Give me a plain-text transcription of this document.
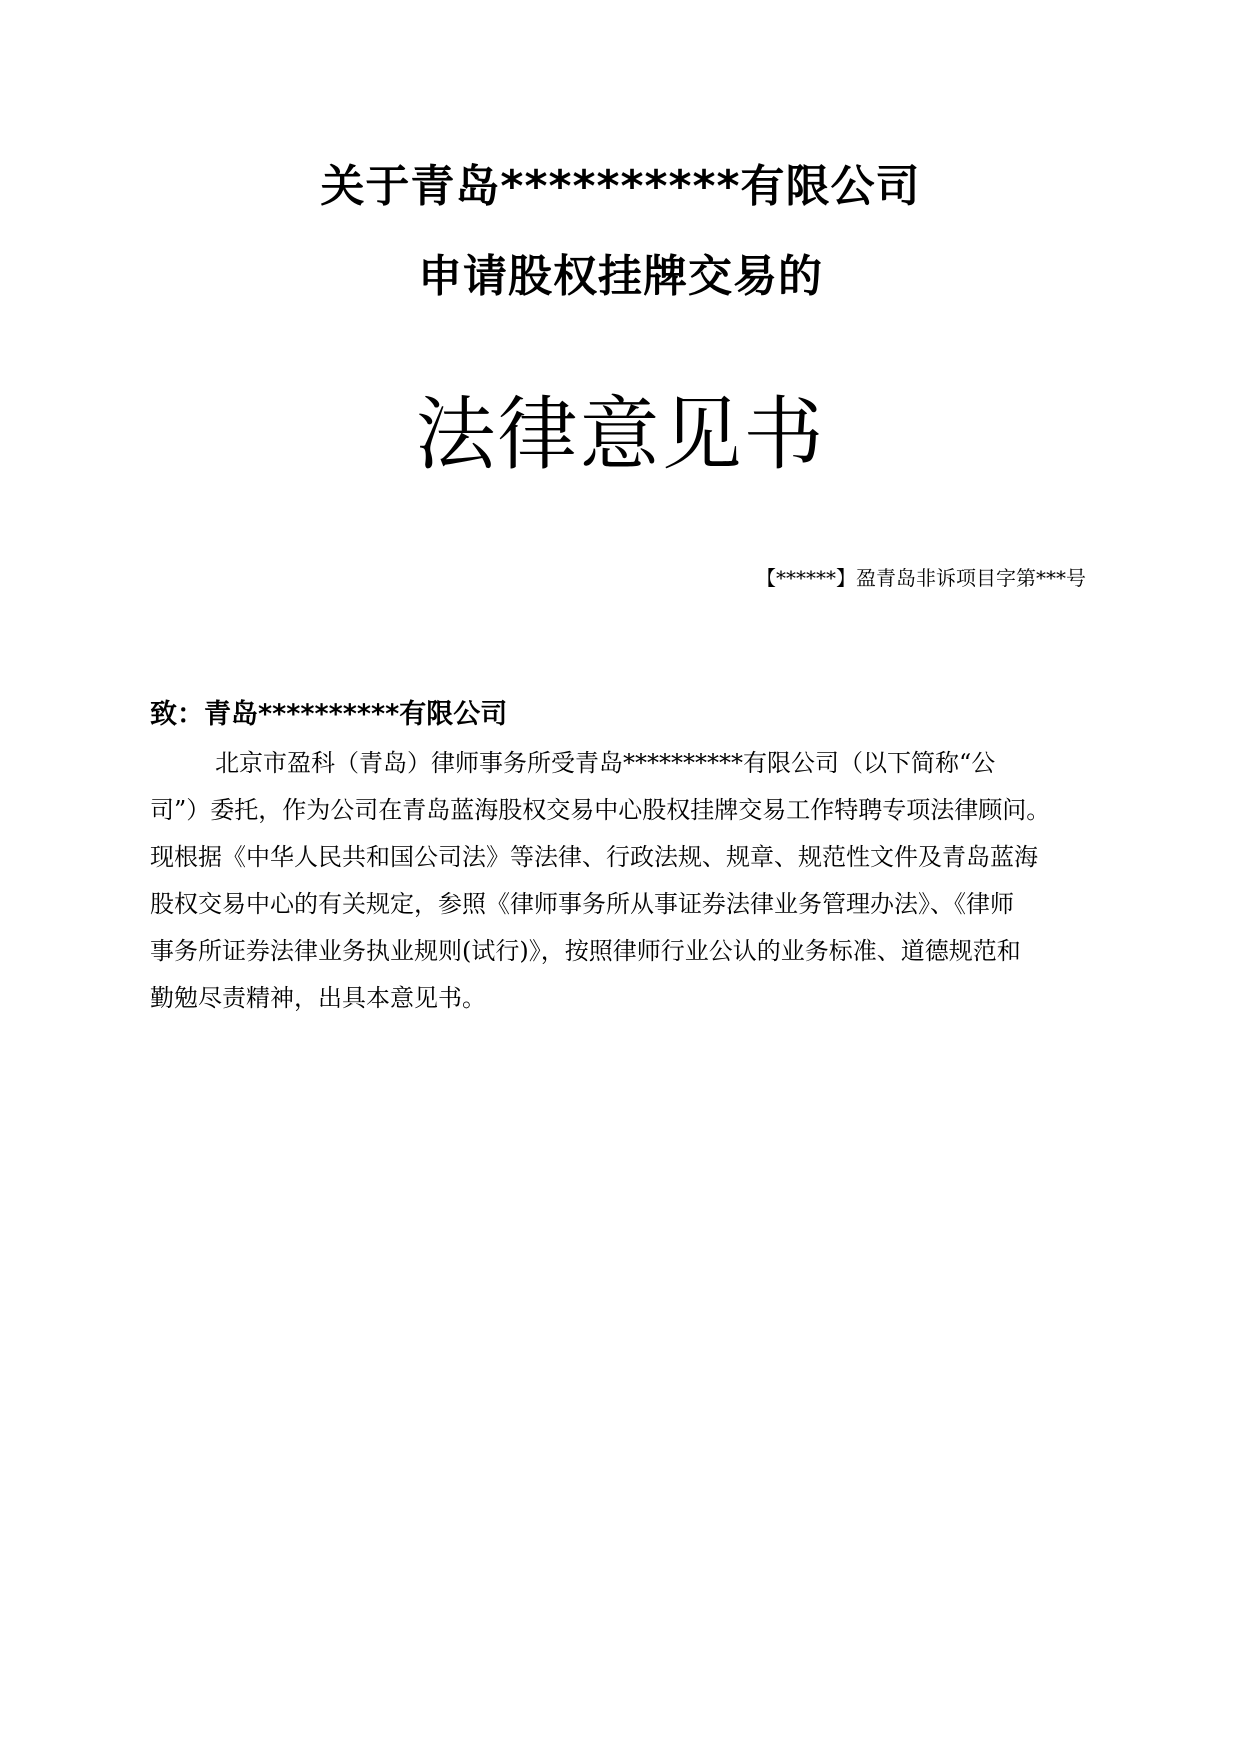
关于青岛**********有限公司
申请股权挂牌交易的
法律意见书
【******】盈青岛非诉项目字第***号
致：青岛**********有限公司
北京市盈科（青岛）律师事务所受青岛**********有限公司（以下简称“公
司”）委托，作为公司在青岛蓝海股权交易中心股权挂牌交易工作特聘专项法律顾问。
现根据《中华人民共和国公司法》等法律、行政法规、规章、规范性文件及青岛蓝海
股权交易中心的有关规定，参照《律师事务所从事证券法律业务管理办法》、《律师
事务所证券法律业务执业规则(试行)》，按照律师行业公认的业务标准、道德规范和
勤勉尽责精神，出具本意见书。
